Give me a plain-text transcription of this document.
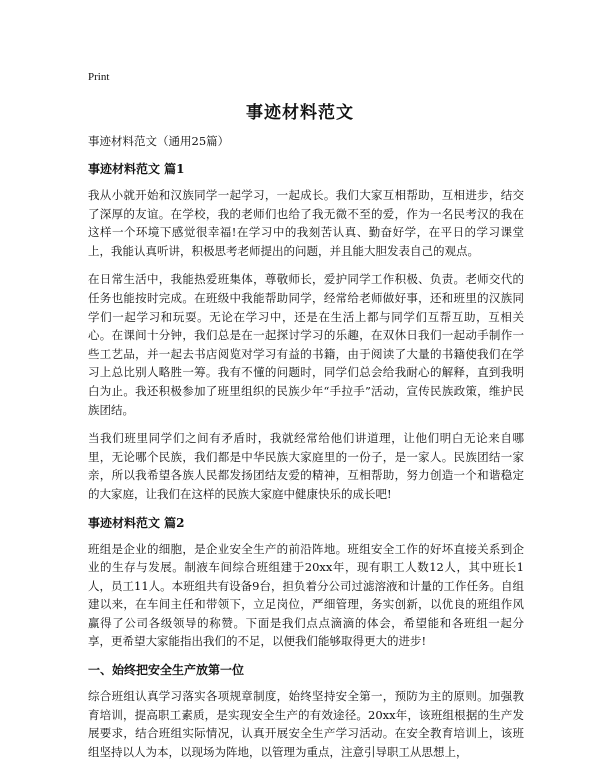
Print
事迹材料范文

事迹材料范文（通用25篇）

事迹材料范文 篇1

我从小就开始和汉族同学一起学习，一起成长。我们大家互相帮助，互相进步，结交了深厚的友谊。在学校，我的老师们也给了我无微不至的爱，作为一名民考汉的我在这样一个环境下感觉很幸福!在学习中的我刻苦认真、勤奋好学，在平日的学习课堂上，我能认真听讲，积极思考老师提出的问题，并且能大胆发表自己的观点。

在日常生活中，我能热爱班集体，尊敬师长，爱护同学工作积极、负责。老师交代的任务也能按时完成。在班级中我能帮助同学，经常给老师做好事，还和班里的汉族同学们一起学习和玩耍。无论在学习中，还是在生活上都与同学们互帮互助，互相关心。在课间十分钟，我们总是在一起探讨学习的乐趣，在双休日我们一起动手制作一些工艺品，并一起去书店阅览对学习有益的书籍，由于阅读了大量的书籍使我们在学习上总比别人略胜一筹。我有不懂的问题时，同学们总会给我耐心的解释，直到我明白为止。我还积极参加了班里组织的民族少年“手拉手”活动，宣传民族政策，维护民族团结。

当我们班里同学们之间有矛盾时，我就经常给他们讲道理，让他们明白无论来自哪里，无论哪个民族，我们都是中华民族大家庭里的一份子，是一家人。民族团结一家亲，所以我希望各族人民都发扬团结友爱的精神，互相帮助，努力创造一个和谐稳定的大家庭，让我们在这样的民族大家庭中健康快乐的成长吧!

事迹材料范文 篇2

班组是企业的细胞，是企业安全生产的前沿阵地。班组安全工作的好坏直接关系到企业的生存与发展。制液车间综合班组建于20xx年，现有职工人数12人，其中班长1人，员工11人。本班组共有设备9台，担负着分公司过滤溶液和计量的工作任务。自组建以来，在车间主任和带领下，立足岗位，严细管理，务实创新，以优良的班组作风赢得了公司各级领导的称赞。下面是我们点点滴滴的体会，希望能和各班组一起分享，更希望大家能指出我们的不足，以便我们能够取得更大的进步!

一、始终把安全生产放第一位

综合班组认真学习落实各项规章制度，始终坚持安全第一，预防为主的原则。加强教育培训，提高职工素质，是实现安全生产的有效途径。20xx年，该班组根据的生产发展要求，结合班组实际情况，认真开展安全生产学习活动。在安全教育培训上，该班组坚持以人为本，以现场为阵地，以管理为重点，注意引导职工从思想上，
